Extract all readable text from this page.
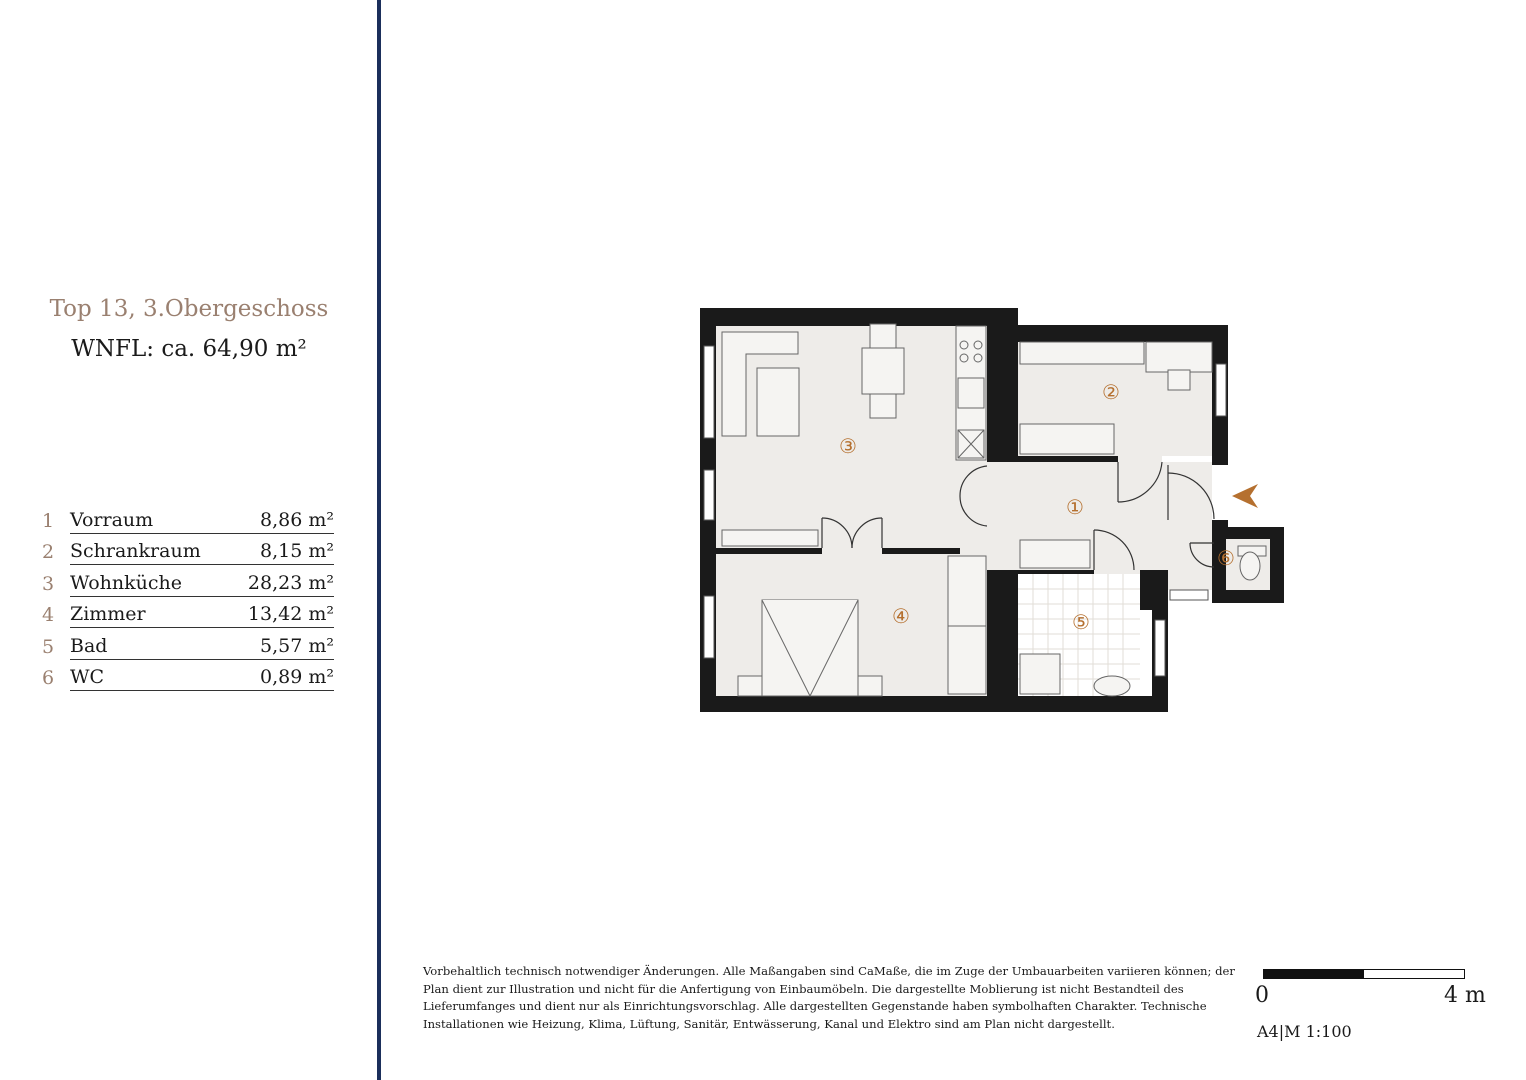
Top 13, 3.Obergeschoss
WNFL: ca. 64,90 m²
1 Vorraum	8,86 m²
2 Schrankraum	8,15 m²
3 Wohnküche	28,23 m²
4 Zimmer	13,42 m²
5 Bad	5,57 m²
6 WC	0,89 m²
①
②
③
④	⑤
⑥
Vorbehaltlich technisch notwendiger Änderungen. Alle Maßangaben sind CaMaße, die im Zuge der Umbauarbeiten variieren können; der Plan dient zur Illustration und nicht für die Anfertigung von Einbaumöbeln. Die dargestellte Moblierung ist nicht Bestandteil des Lieferumfanges und dient nur als Einrichtungsvorschlag. Alle dargestellten Gegenstande haben symbolhaften Charakter. Technische Installationen wie Heizung, Klima, Lüftung, Sanitär, Entwässerung, Kanal und Elektro sind am Plan nicht dargestellt.
0	4 m
A4|M 1:100
